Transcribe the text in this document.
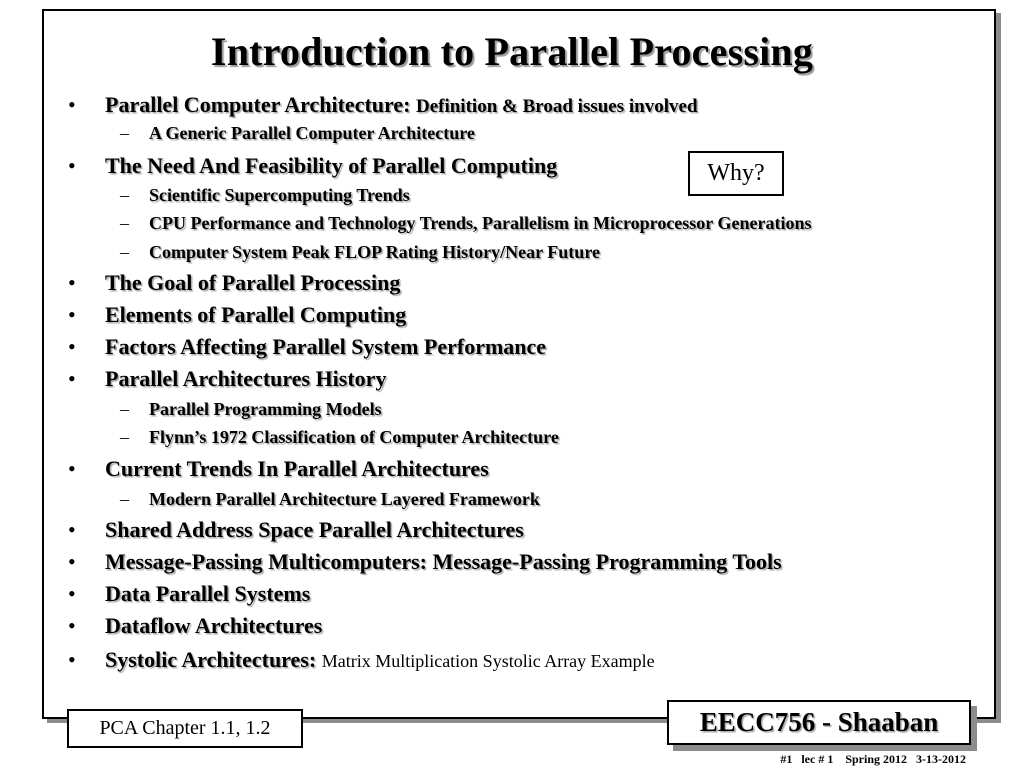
Introduction to Parallel Processing
• Parallel Computer Architecture: Definition & Broad issues involved
– A Generic Parallel Computer Architecture
• The Need And Feasibility of Parallel Computing
– Scientific Supercomputing Trends
– CPU Performance and Technology Trends, Parallelism in Microprocessor Generations
– Computer System Peak FLOP Rating History/Near Future
• The Goal of Parallel Processing
• Elements of Parallel Computing
• Factors Affecting Parallel System Performance
• Parallel Architectures History
– Parallel Programming Models
– Flynn’s 1972 Classification of Computer Architecture
• Current Trends In Parallel Architectures
– Modern Parallel Architecture Layered Framework
• Shared Address Space Parallel Architectures
• Message-Passing Multicomputers: Message-Passing Programming Tools
• Data Parallel Systems
• Dataflow Architectures
• Systolic Architectures: Matrix Multiplication Systolic Array Example
Why?
PCA Chapter 1.1, 1.2	EECC756 - Shaaban
#1   lec # 1    Spring 2012   3-13-2012
